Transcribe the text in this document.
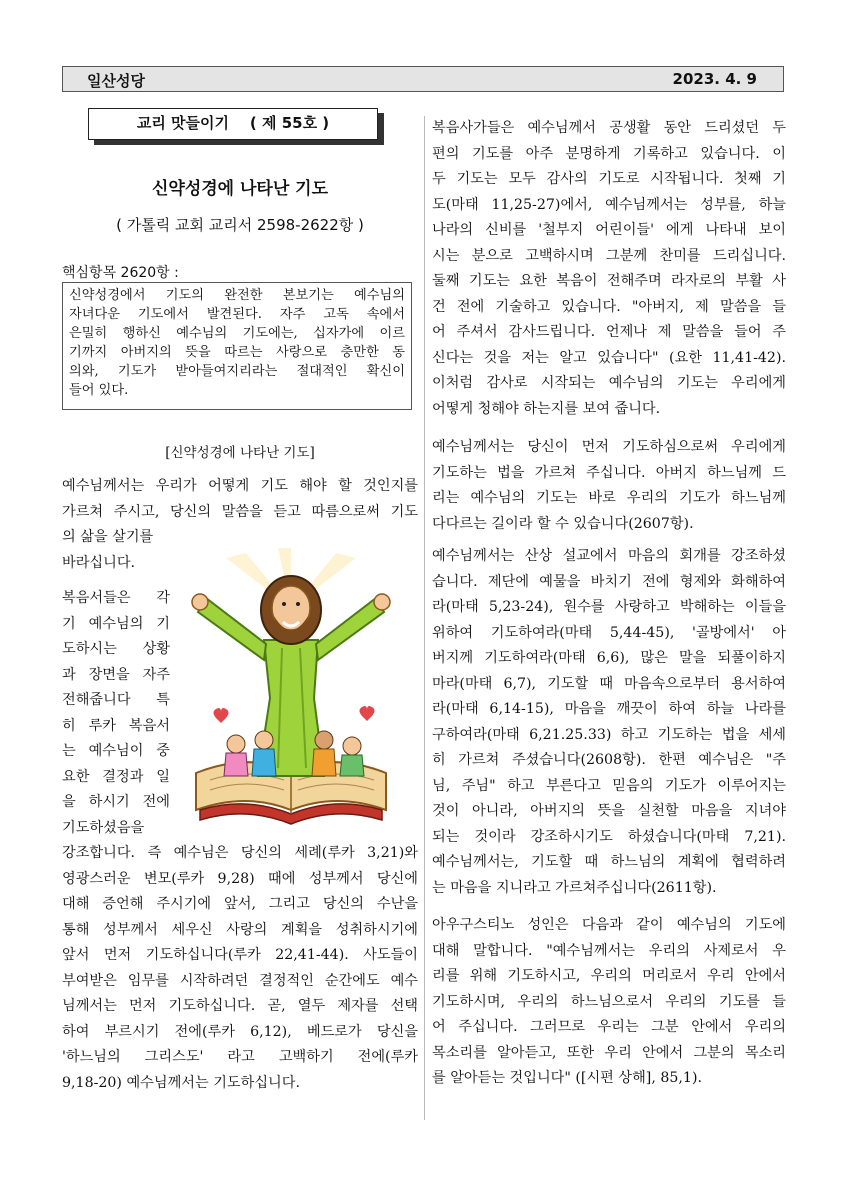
일산성당	2023. 4. 9
교리 맛들이기 ( 제 55호 )
신약성경에 나타난 기도
( 가톨릭 교회 교리서 2598-2622항 )
핵심항목 2620항 :
신약성경에서 기도의 완전한 본보기는 예수님의
자녀다운 기도에서 발견된다. 자주 고독 속에서
은밀히 행하신 예수님의 기도에는, 십자가에 이르
기까지 아버지의 뜻을 따르는 사랑으로 충만한 동
의와, 기도가 받아들여지리라는 절대적인 확신이
들어 있다.
[신약성경에 나타난 기도]
예수님께서는 우리가 어떻게 기도 해야 할 것인지를
가르쳐 주시고, 당신의 말씀을 듣고 따름으로써 기도
의 삶을 살기를
바라십니다.
복음서들은 각
기 예수님의 기
도하시는 상황
과 장면을 자주
전해줍니다 특
히 루카 복음서
는 예수님이 중
요한 결정과 일
을 하시기 전에
기도하셨음을
강조합니다. 즉 예수님은 당신의 세례(루카 3,21)와
영광스러운 변모(루카 9,28) 때에 성부께서 당신에
대해 증언해 주시기에 앞서, 그리고 당신의 수난을
통해 성부께서 세우신 사랑의 계획을 성취하시기에
앞서 먼저 기도하십니다(루카 22,41-44). 사도들이
부여받은 임무를 시작하려던 결정적인 순간에도 예수
님께서는 먼저 기도하십니다. 곧, 열두 제자를 선택
하여 부르시기 전에(루카 6,12), 베드로가 당신을
'하느님의 그리스도' 라고 고백하기 전에(루카
9,18-20) 예수님께서는 기도하십니다.
복음사가들은 예수님께서 공생활 동안 드리셨던 두
편의 기도를 아주 분명하게 기록하고 있습니다. 이
두 기도는 모두 감사의 기도로 시작됩니다. 첫째 기
도(마태 11,25-27)에서, 예수님께서는 성부를, 하늘
나라의 신비를 '철부지 어린이들' 에게 나타내 보이
시는 분으로 고백하시며 그분께 찬미를 드리십니다.
둘째 기도는 요한 복음이 전해주며 라자로의 부활 사
건 전에 기술하고 있습니다. "아버지, 제 말씀을 들
어 주셔서 감사드립니다. 언제나 제 말씀을 들어 주
신다는 것을 저는 알고 있습니다" (요한 11,41-42).
이처럼 감사로 시작되는 예수님의 기도는 우리에게
어떻게 청해야 하는지를 보여 줍니다.
예수님께서는 당신이 먼저 기도하심으로써 우리에게
기도하는 법을 가르쳐 주십니다. 아버지 하느님께 드
리는 예수님의 기도는 바로 우리의 기도가 하느님께
다다르는 길이라 할 수 있습니다(2607항).
예수님께서는 산상 설교에서 마음의 회개를 강조하셨
습니다. 제단에 예물을 바치기 전에 형제와 화해하여
라(마태 5,23-24), 원수를 사랑하고 박해하는 이들을
위하여 기도하여라(마태 5,44-45), '골방에서' 아
버지께 기도하여라(마태 6,6), 많은 말을 되풀이하지
마라(마태 6,7), 기도할 때 마음속으로부터 용서하여
라(마태 6,14-15), 마음을 깨끗이 하여 하늘 나라를
구하여라(마태 6,21.25.33) 하고 기도하는 법을 세세
히 가르쳐 주셨습니다(2608항). 한편 예수님은 "주
님, 주님" 하고 부른다고 믿음의 기도가 이루어지는
것이 아니라, 아버지의 뜻을 실천할 마음을 지녀야
되는 것이라 강조하시기도 하셨습니다(마태 7,21).
예수님께서는, 기도할 때 하느님의 계획에 협력하려
는 마음을 지니라고 가르쳐주십니다(2611항).
아우구스티노 성인은 다음과 같이 예수님의 기도에
대해 말합니다. "예수님께서는 우리의 사제로서 우
리를 위해 기도하시고, 우리의 머리로서 우리 안에서
기도하시며, 우리의 하느님으로서 우리의 기도를 들
어 주십니다. 그러므로 우리는 그분 안에서 우리의
목소리를 알아듣고, 또한 우리 안에서 그분의 목소리
를 알아듣는 것입니다" ([시편 상해], 85,1).
